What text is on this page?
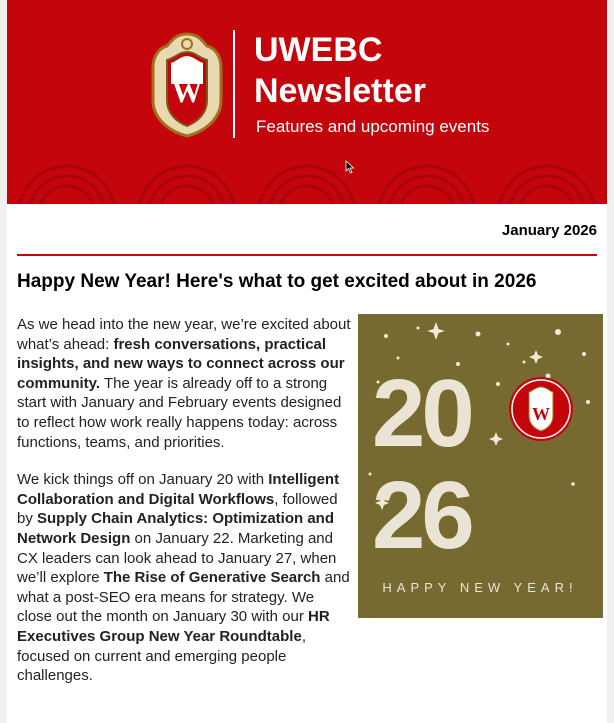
W
UWEBC
Newsletter

Features and upcoming events

January 2026

Happy New Year! Here's what to get excited about in 2026

As we head into the new year, we’re excited about what’s ahead: fresh conversations, practical insights, and new ways to connect across our community. The year is already off to a strong start with January and February events designed to reflect how work really happens today: across functions, teams, and priorities.

We kick things off on January 20 with Intelligent Collaboration and Digital Workflows, followed by Supply Chain Analytics: Optimization and Network Design on January 22. Marketing and CX leaders can look ahead to January 27, when we’ll explore The Rise of Generative Search and what a post-SEO era means for strategy. We close out the month on January 30 with our HR Executives Group New Year Roundtable, focused on current and emerging people challenges.

20
26
W
HAPPY NEW YEAR!
